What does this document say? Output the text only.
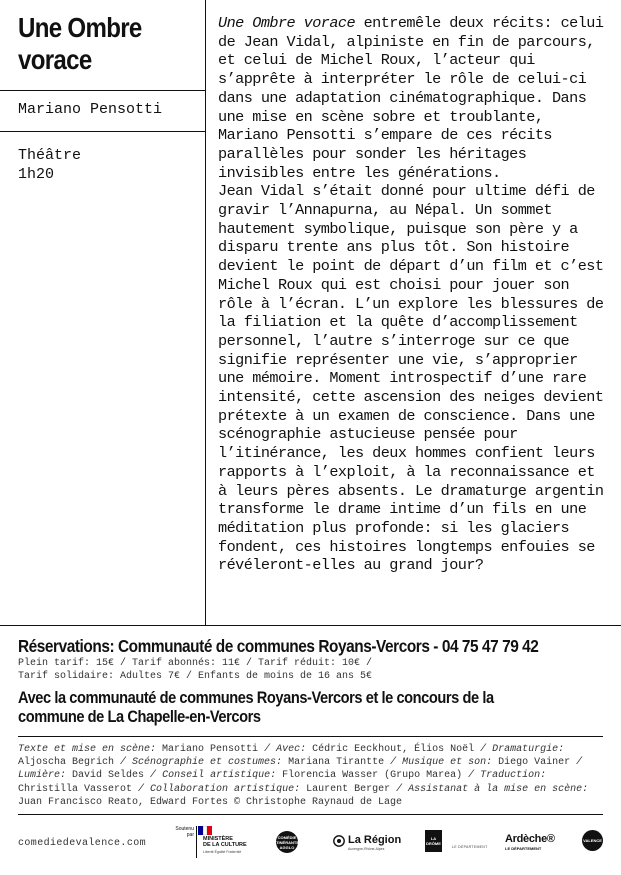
Une Ombre
vorace
Mariano Pensotti
Théâtre
1h20

Une Ombre vorace entremêle deux récits: celui de Jean Vidal, alpiniste en fin de parcours, et celui de Michel Roux, l’acteur qui s’apprête à interpréter le rôle de celui-ci dans une adaptation cinématographique. Dans une mise en scène sobre et troublante, Mariano Pensotti s’empare de ces récits parallèles pour sonder les héritages invisibles entre les générations.

Jean Vidal s’était donné pour ultime défi de gravir l’Annapurna, au Népal. Un sommet hautement symbolique, puisque son père y a disparu trente ans plus tôt. Son histoire devient le point de départ d’un film et c’est Michel Roux qui est choisi pour jouer son rôle à l’écran. L’un explore les blessures de la filiation et la quête d’accomplissement personnel, l’autre s’interroge sur ce que signifie représenter une vie, s’approprier une mémoire. Moment introspectif d’une rare intensité, cette ascension des neiges devient prétexte à un examen de conscience. Dans une scénographie astucieuse pensée pour l’itinérance, les deux hommes confient leurs rapports à l’exploit, à la reconnaissance et à leurs pères absents. Le dramaturge argentin transforme le drame intime d’un fils en une méditation plus profonde: si les glaciers fondent, ces histoires longtemps enfouies se révéleront-elles au grand jour?

Réservations: Communauté de communes Royans-Vercors - 04 75 47 79 42
Plein tarif: 15€ / Tarif abonnés: 11€ / Tarif réduit: 10€ /
Tarif solidaire: Adultes 7€ / Enfants de moins de 16 ans 5€
Avec la communauté de communes Royans-Vercors et le concours de la
commune de La Chapelle-en-Vercors
Texte et mise en scène: Mariano Pensotti / Avec: Cédric Eeckhout, Élios Noël / Dramaturgie: Aljoscha Begrich / Scénographie et costumes: Mariana Tirantte / Musique et son: Diego Vainer / Lumière: David Seldes / Conseil artistique: Florencia Wasser (Grupo Marea) / Traduction: Christilla Vasserot / Collaboration artistique: Laurent Berger / Assistanat à la mise en scène: Juan Francisco Reato, Edward Fortes © Christophe Raynaud de Lage
comediedevalence.com
Soutenu par
MINISTÈRE
DE LA CULTURE
Liberté Égalité Fraternité
COMÉDIE ITINÉRANTE AGGLO
La Région
Auvergne-Rhône-Alpes
LA DRÔME
LE DÉPARTEMENT
Ardèche®
LE DÉPARTEMENT
VALENCE
